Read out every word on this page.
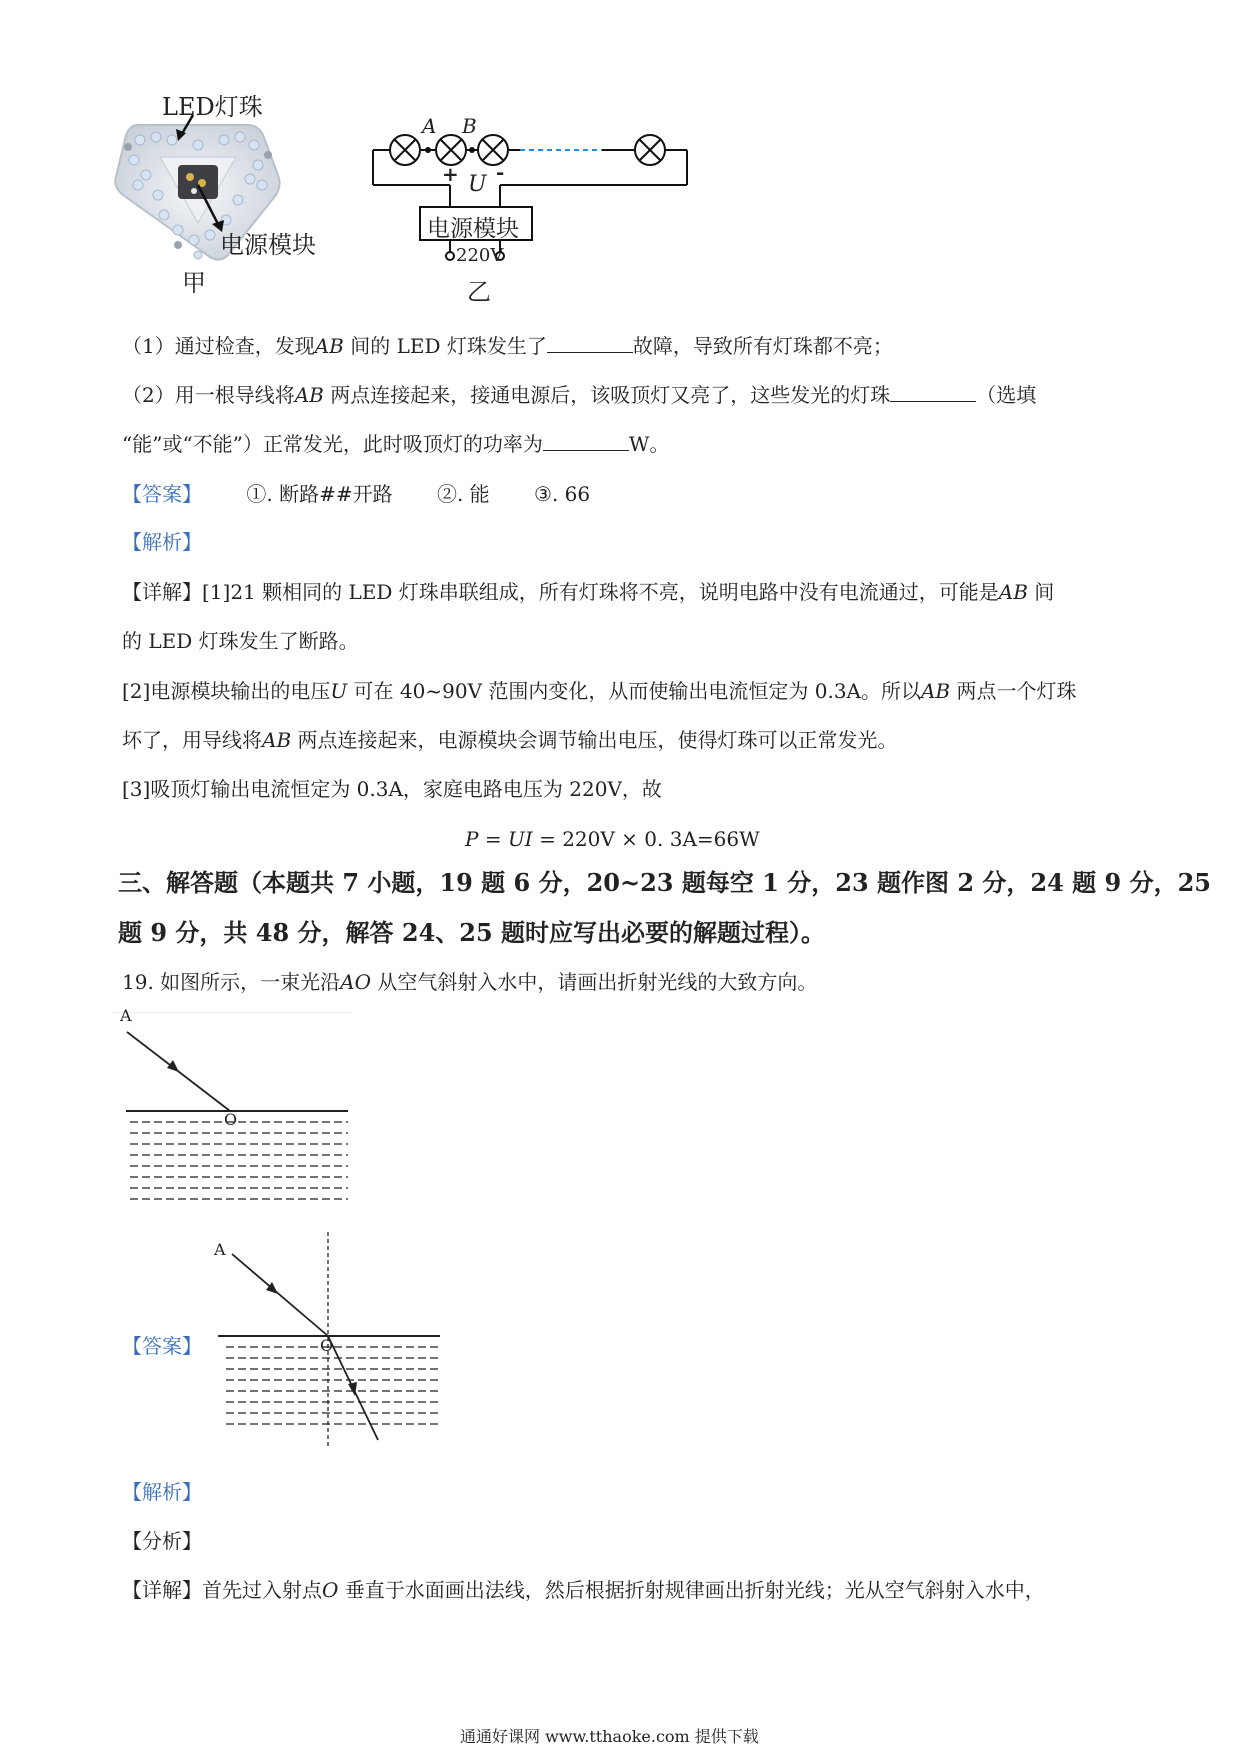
LED灯珠
电源模块
甲
A B
+ U -
电源模块
220V
乙
（1）通过检查，发现AB 间的 LED 灯珠发生了	故障，导致所有灯珠都不亮；
（2）用一根导线将AB 两点连接起来，接通电源后，该吸顶灯又亮了，这些发光的灯珠	（选填
“能”或“不能”）正常发光，此时吸顶灯的功率为	W。
【答案】 ①. 断路##开路 ②. 能 ③. 66
【解析】
【详解】[1]21 颗相同的 LED 灯珠串联组成，所有灯珠将不亮，说明电路中没有电流通过，可能是AB 间
的 LED 灯珠发生了断路。
[2]电源模块输出的电压U 可在 40~90V 范围内变化，从而使输出电流恒定为 0.3A。所以AB 两点一个灯珠
坏了，用导线将AB 两点连接起来，电源模块会调节输出电压，使得灯珠可以正常发光。
[3]吸顶灯输出电流恒定为 0.3A，家庭电路电压为 220V，故
P = UI = 220V × 0. 3A=66W
三、解答题（本题共 7 小题，19 题 6 分，20~23 题每空 1 分，23 题作图 2 分，24 题 9 分，25
题 9 分，共 48 分，解答 24、25 题时应写出必要的解题过程）。
19. 如图所示，一束光沿AO 从空气斜射入水中，请画出折射光线的大致方向。
A
O
【答案】
A
O
【解析】
【分析】
【详解】首先过入射点O 垂直于水面画出法线，然后根据折射规律画出折射光线；光从空气斜射入水中，
通通好课网 www.tthaoke.com 提供下载
